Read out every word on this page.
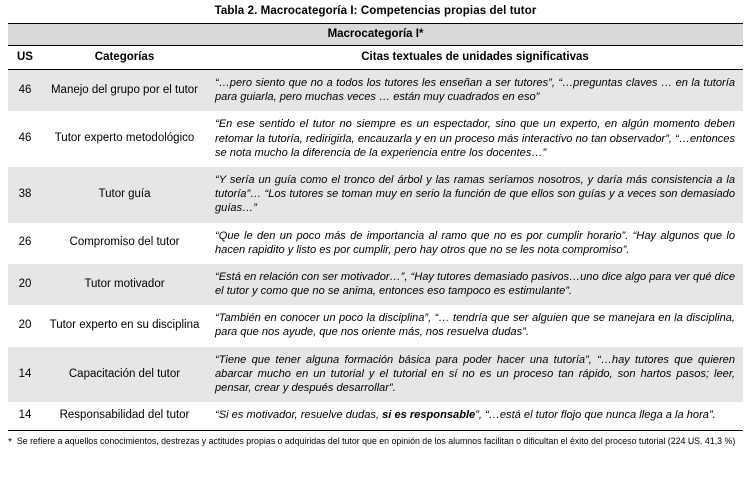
Tabla 2. Macrocategoría I: Competencias propias del tutor
Macrocategoría I*		
US	Categorías	Citas textuales de unidades significativas
46	Manejo del grupo por el tutor	“…pero siento que no a todos los tutores les enseñan a ser tutores”, “…preguntas claves … en la tutoría para guiarla, pero muchas veces … están muy cuadrados en eso”
46	Tutor experto metodológico	“En ese sentido el tutor no siempre es un espectador, sino que un experto, en algún momento deben retomar la tutoría, redirigirla, encauzarla y en un proceso más interactivo no tan observador”, “…entonces se nota mucho la diferencia de la experiencia entre los docentes…”
38	Tutor guía	“Y sería un guía como el tronco del árbol y las ramas seríamos nosotros, y daría más consistencia a la tutoría”… “Los tutores se toman muy en serio la función de que ellos son guías y a veces son demasiado guías…”
26	Compromiso del tutor	“Que le den un poco más de importancia al ramo que no es por cumplir horario”. “Hay algunos que lo hacen rapidito y listo es por cumplir, pero hay otros que no se les nota compromiso”.
20	Tutor motivador	“Está en relación con ser motivador…”, “Hay tutores demasiado pasivos…uno dice algo para ver qué dice el tutor y como que no se anima, entonces eso tampoco es estimulante”.
20	Tutor experto en su disciplina	“También en conocer un poco la disciplina”, “… tendría que ser alguien que se manejara en la disciplina, para que nos ayude, que nos oriente más, nos resuelva dudas”.
14	Capacitación del tutor	“Tiene que tener alguna formación básica para poder hacer una tutoría”, “…hay tutores que quieren abarcar mucho en un tutorial y el tutorial en sí no es un proceso tan rápido, son hartos pasos; leer, pensar, crear y después desarrollar”.
14	Responsabilidad del tutor	“Si es motivador, resuelve dudas, si es responsable”, “…está el tutor flojo que nunca llega a la hora”.
* Se refiere a aquellos conocimientos, destrezas y actitudes propias o adquiridas del tutor que en opinión de los alumnos facilitan o dificultan el éxito del proceso tutorial (224 US. 41,3 %)
